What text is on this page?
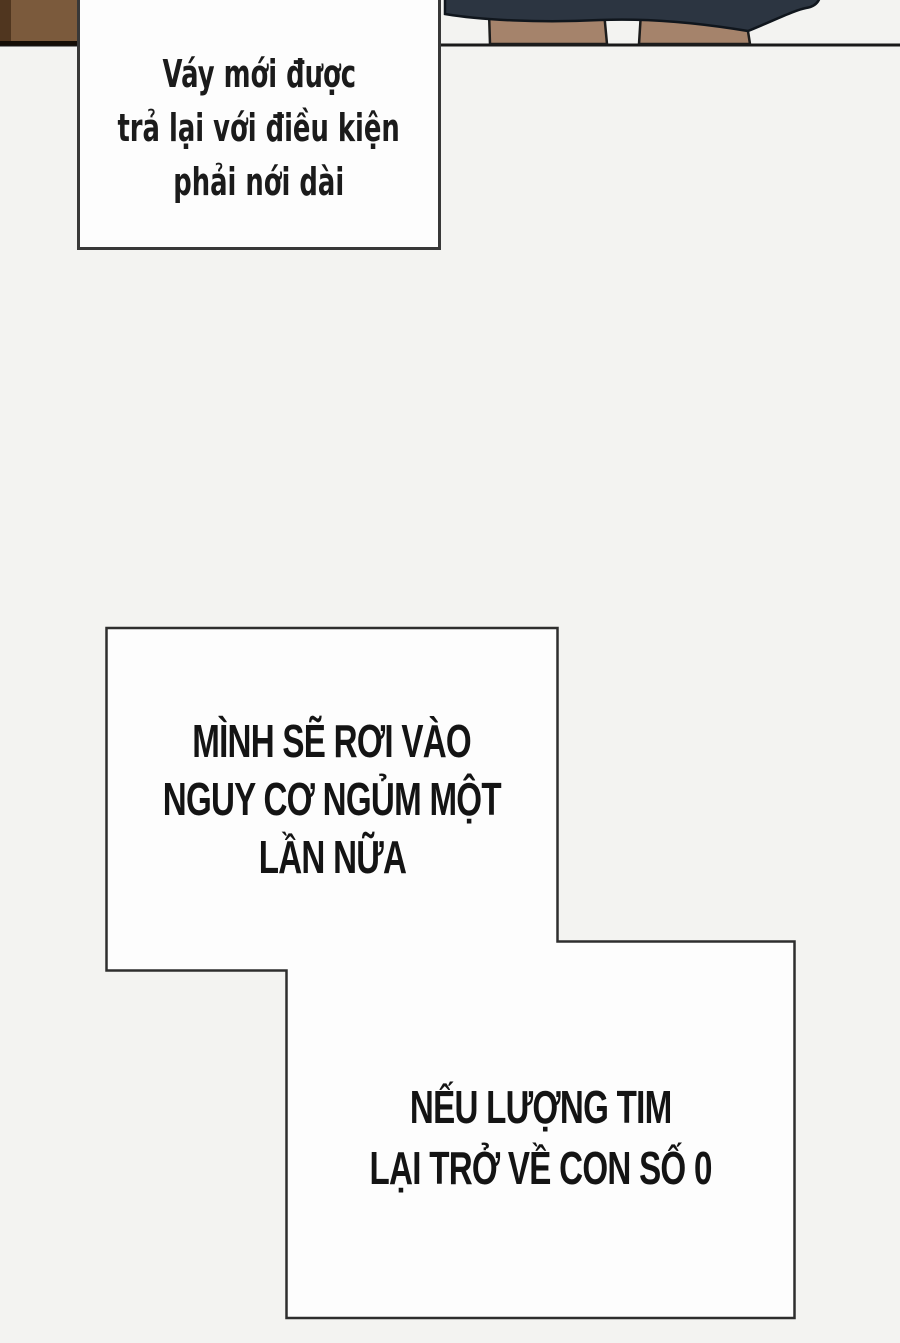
Váy mới được
trả lại với điều kiện
phải nới dài
MÌNH SẼ RƠI VÀO
NGUY CƠ NGỦM MỘT
LẦN NỮA
NẾU LƯỢNG TIM
LẠI TRỞ VỀ CON SỐ 0
